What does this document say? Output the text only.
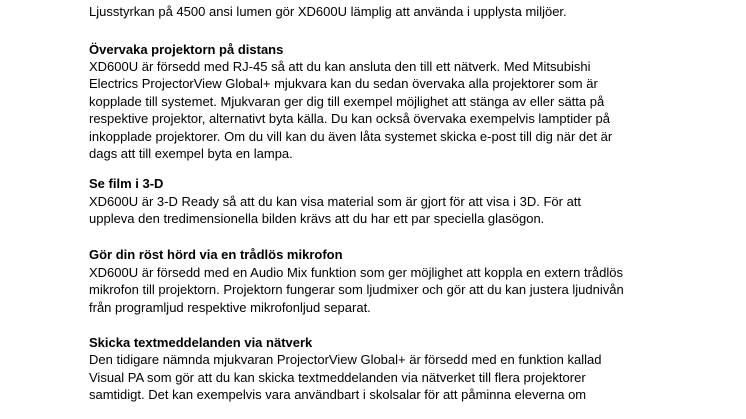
Ljusstyrkan på 4500 ansi lumen gör XD600U lämplig att använda i upplysta miljöer.

Övervaka projektorn på distans

XD600U är försedd med RJ-45 så att du kan ansluta den till ett nätverk. Med Mitsubishi

Electrics ProjectorView Global+ mjukvara kan du sedan övervaka alla projektorer som är

kopplade till systemet. Mjukvaran ger dig till exempel möjlighet att stänga av eller sätta på

respektive projektor, alternativt byta källa. Du kan också övervaka exempelvis lamptider på

inkopplade projektorer. Om du vill kan du även låta systemet skicka e-post till dig när det är

dags att till exempel byta en lampa.

Se film i 3-D

XD600U är 3-D Ready så att du kan visa material som är gjort för att visa i 3D. För att

uppleva den tredimensionella bilden krävs att du har ett par speciella glasögon.

Gör din röst hörd via en trådlös mikrofon

XD600U är försedd med en Audio Mix funktion som ger möjlighet att koppla en extern trådlös

mikrofon till projektorn. Projektorn fungerar som ljudmixer och gör att du kan justera ljudnivån

från programljud respektive mikrofonljud separat.

Skicka textmeddelanden via nätverk

Den tidigare nämnda mjukvaran ProjectorView Global+ är försedd med en funktion kallad

Visual PA som gör att du kan skicka textmeddelanden via nätverket till flera projektorer

samtidigt. Det kan exempelvis vara användbart i skolsalar för att påminna eleverna om
